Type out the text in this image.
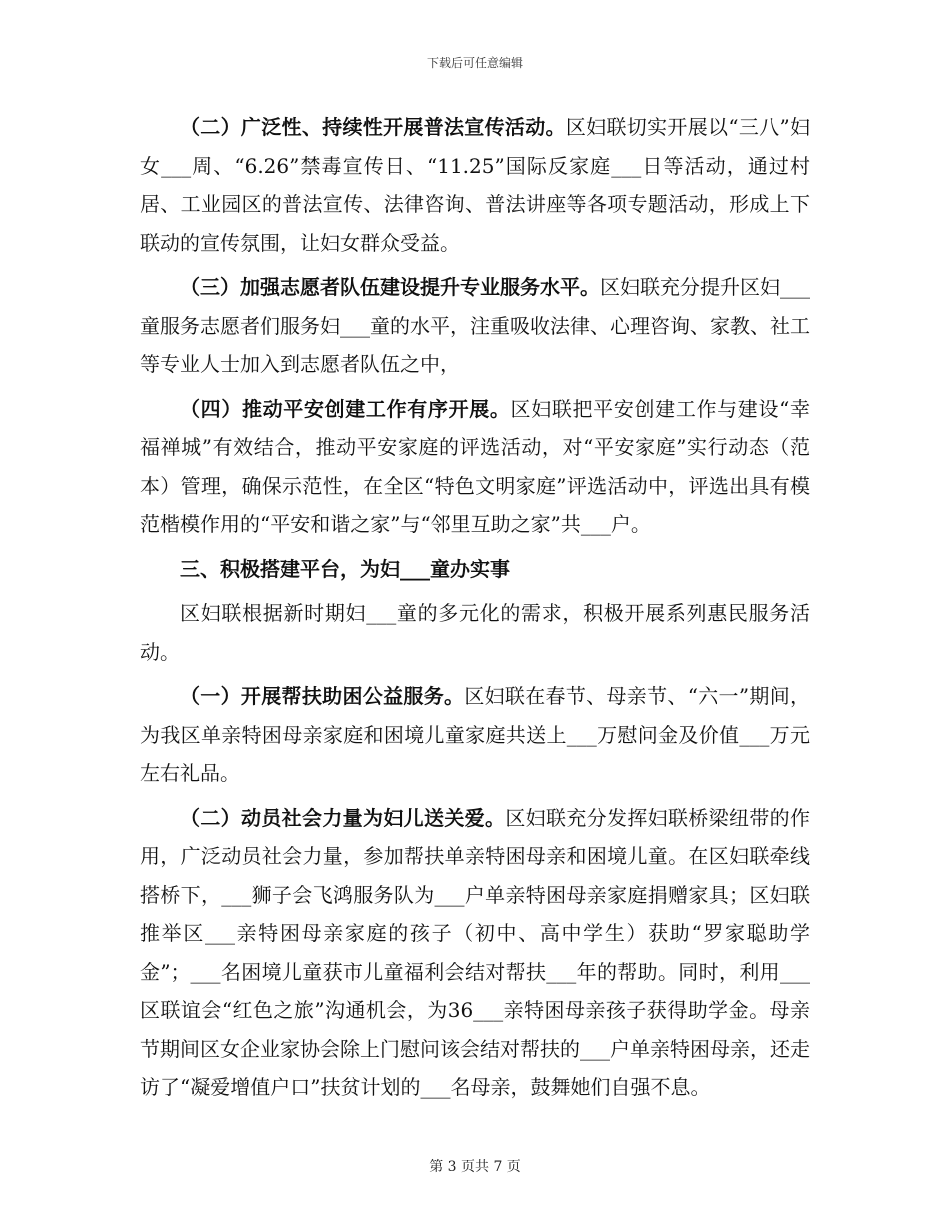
下载后可任意编辑

（二）广泛性、持续性开展普法宣传活动。区妇联切实开展以“三八”妇女___周、“6.26”禁毒宣传日、“11.25”国际反家庭___日等活动，通过村居、工业园区的普法宣传、法律咨询、普法讲座等各项专题活动，形成上下联动的宣传氛围，让妇女群众受益。

（三）加强志愿者队伍建设提升专业服务水平。区妇联充分提升区妇___童服务志愿者们服务妇___童的水平，注重吸收法律、心理咨询、家教、社工等专业人士加入到志愿者队伍之中，

（四）推动平安创建工作有序开展。区妇联把平安创建工作与建设“幸福禅城”有效结合，推动平安家庭的评选活动，对“平安家庭”实行动态（范本）管理，确保示范性，在全区“特色文明家庭”评选活动中，评选出具有模范楷模作用的“平安和谐之家”与“邻里互助之家”共___户。

三、积极搭建平台，为妇___童办实事

区妇联根据新时期妇___童的多元化的需求，积极开展系列惠民服务活动。

（一）开展帮扶助困公益服务。区妇联在春节、母亲节、“六一”期间，为我区单亲特困母亲家庭和困境儿童家庭共送上___万慰问金及价值___万元左右礼品。

（二）动员社会力量为妇儿送关爱。区妇联充分发挥妇联桥梁纽带的作用，广泛动员社会力量，参加帮扶单亲特困母亲和困境儿童。在区妇联牵线搭桥下，___狮子会飞鸿服务队为___户单亲特困母亲家庭捐赠家具；区妇联推举区___亲特困母亲家庭的孩子（初中、高中学生）获助“罗家聪助学金”；___名困境儿童获市儿童福利会结对帮扶___年的帮助。同时，利用___区联谊会“红色之旅”沟通机会，为36___亲特困母亲孩子获得助学金。母亲节期间区女企业家协会除上门慰问该会结对帮扶的___户单亲特困母亲，还走访了“凝爱增值户口”扶贫计划的___名母亲，鼓舞她们自强不息。

第 3 页共 7 页
